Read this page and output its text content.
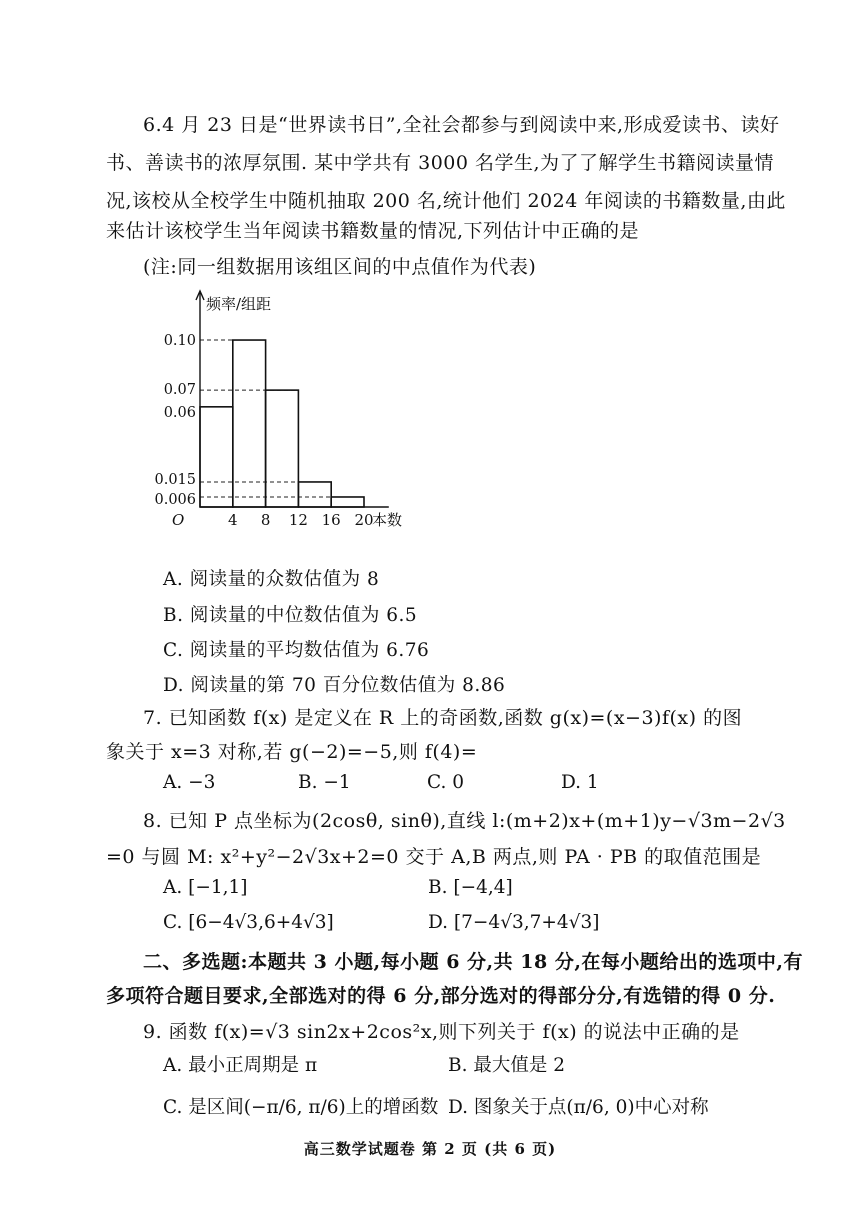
6.4 月 23 日是“世界读书日”,全社会都参与到阅读中来,形成爱读书、读好
书、善读书的浓厚氛围. 某中学共有 3000 名学生,为了了解学生书籍阅读量情
况,该校从全校学生中随机抽取 200 名,统计他们 2024 年阅读的书籍数量,由此
来估计该校学生当年阅读书籍数量的情况,下列估计中正确的是
(注:同一组数据用该组区间的中点值作为代表)
频率/组距
本数
O	4 8 12 16 20
0.10
0.07
0.06
0.015
0.006
A. 阅读量的众数估值为 8
B. 阅读量的中位数估值为 6.5
C. 阅读量的平均数估值为 6.76
D. 阅读量的第 70 百分位数估值为 8.86
7. 已知函数 f(x) 是定义在 R 上的奇函数,函数 g(x)=(x−3)f(x) 的图
象关于 x=3 对称,若 g(−2)=−5,则 f(4)=
A. −3	B. −1	C. 0	D. 1
8. 已知 P 点坐标为(2cosθ, sinθ),直线 l:(m+2)x+(m+1)y−√3m−2√3
=0 与圆 M: x²+y²−2√3x+2=0 交于 A,B 两点,则 PA · PB 的取值范围是
A. [−1,1]	B. [−4,4]
C. [6−4√3,6+4√3]	D. [7−4√3,7+4√3]
二、多选题:本题共 3 小题,每小题 6 分,共 18 分,在每小题给出的选项中,有
多项符合题目要求,全部选对的得 6 分,部分选对的得部分分,有选错的得 0 分.
9. 函数 f(x)=√3 sin2x+2cos²x,则下列关于 f(x) 的说法中正确的是
A. 最小正周期是 π	B. 最大值是 2
C. 是区间(−π/6, π/6)上的增函数 D. 图象关于点(π/6, 0)中心对称
高三数学试题卷 第 2 页 (共 6 页)
